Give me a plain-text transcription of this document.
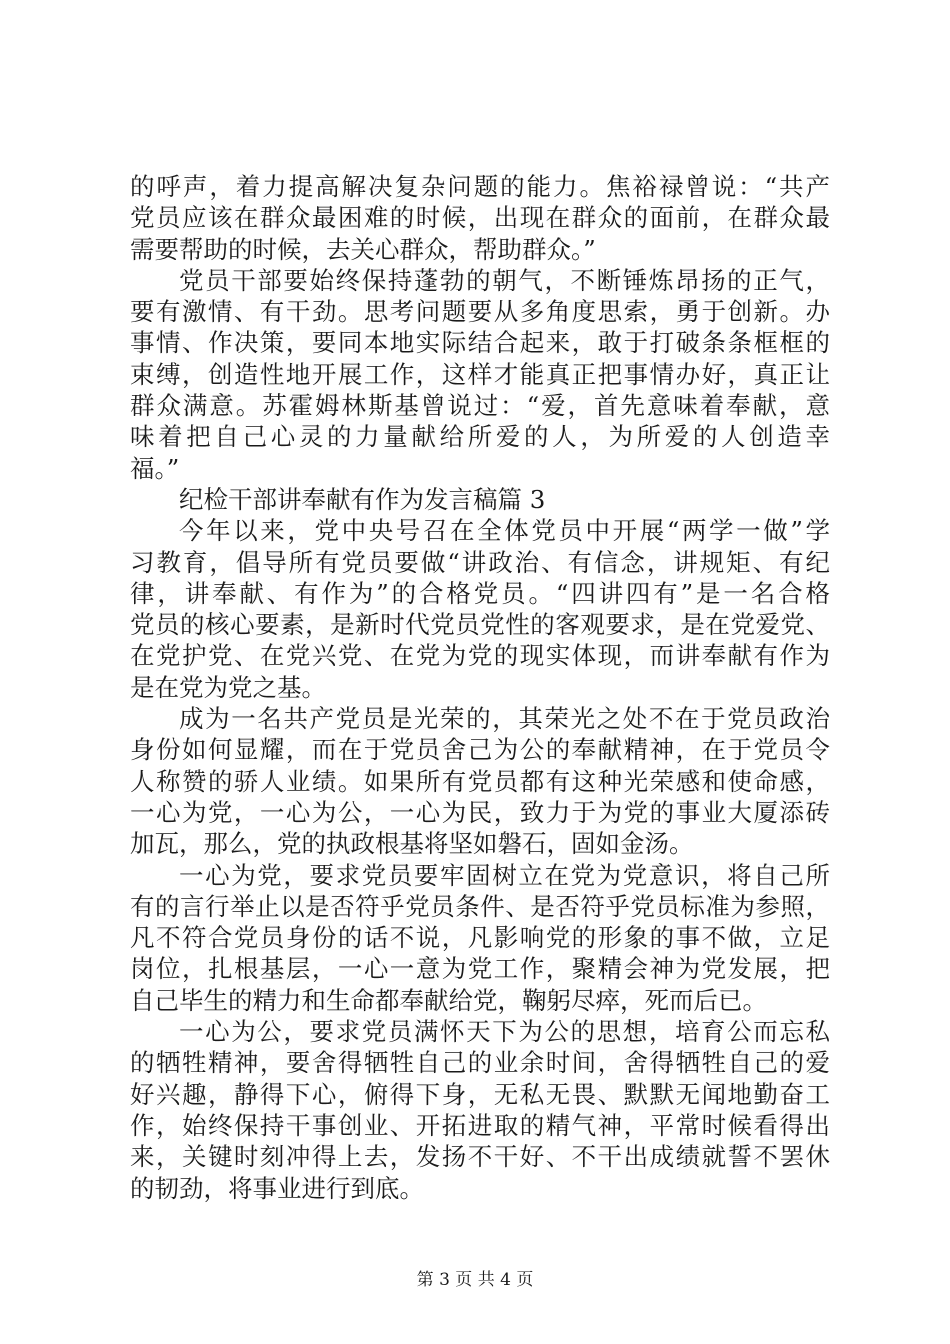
的呼声，着力提高解决复杂问题的能力。焦裕禄曾说：“共产
党员应该在群众最困难的时候，出现在群众的面前，在群众最
需要帮助的时候，去关心群众，帮助群众。”
党员干部要始终保持蓬勃的朝气，不断锤炼昂扬的正气，
要有激情、有干劲。思考问题要从多角度思索，勇于创新。办
事情、作决策，要同本地实际结合起来，敢于打破条条框框的
束缚，创造性地开展工作，这样才能真正把事情办好，真正让
群众满意。苏霍姆林斯基曾说过：“爱，首先意味着奉献，意
味着把自己心灵的力量献给所爱的人，为所爱的人创造幸
福。”
纪检干部讲奉献有作为发言稿篇 3
今年以来，党中央号召在全体党员中开展“两学一做”学
习教育，倡导所有党员要做“讲政治、有信念，讲规矩、有纪
律，讲奉献、有作为”的合格党员。“四讲四有”是一名合格
党员的核心要素，是新时代党员党性的客观要求，是在党爱党、
在党护党、在党兴党、在党为党的现实体现，而讲奉献有作为
是在党为党之基。
成为一名共产党员是光荣的，其荣光之处不在于党员政治
身份如何显耀，而在于党员舍己为公的奉献精神，在于党员令
人称赞的骄人业绩。如果所有党员都有这种光荣感和使命感，
一心为党，一心为公，一心为民，致力于为党的事业大厦添砖
加瓦，那么，党的执政根基将坚如磐石，固如金汤。
一心为党，要求党员要牢固树立在党为党意识，将自己所
有的言行举止以是否符乎党员条件、是否符乎党员标准为参照，
凡不符合党员身份的话不说，凡影响党的形象的事不做，立足
岗位，扎根基层，一心一意为党工作，聚精会神为党发展，把
自己毕生的精力和生命都奉献给党，鞠躬尽瘁，死而后已。
一心为公，要求党员满怀天下为公的思想，培育公而忘私
的牺牲精神，要舍得牺牲自己的业余时间，舍得牺牲自己的爱
好兴趣，静得下心，俯得下身，无私无畏、默默无闻地勤奋工
作，始终保持干事创业、开拓进取的精气神，平常时候看得出
来，关键时刻冲得上去，发扬不干好、不干出成绩就誓不罢休
的韧劲，将事业进行到底。
第 3 页 共 4 页
